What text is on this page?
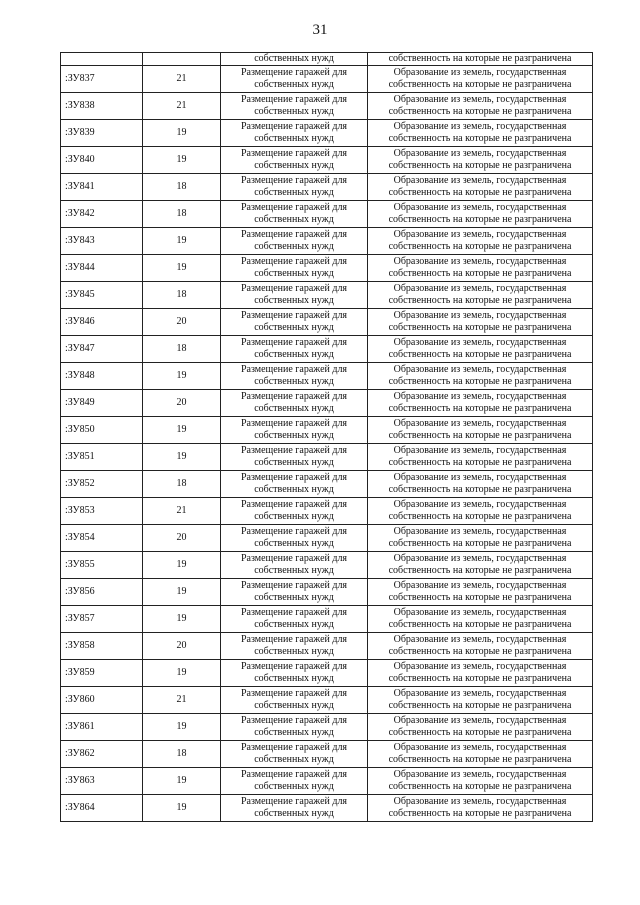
31
		собственных нужд	собственность на которые не разграничена
:ЗУ837	21	Размещение гаражей для
собственных нужд	Образование из земель, государственная
собственность на которые не разграничена

:ЗУ838	21	Размещение гаражей для
собственных нужд	Образование из земель, государственная
собственность на которые не разграничена

:ЗУ839	19	Размещение гаражей для
собственных нужд	Образование из земель, государственная
собственность на которые не разграничена

:ЗУ840	19	Размещение гаражей для
собственных нужд	Образование из земель, государственная
собственность на которые не разграничена

:ЗУ841	18	Размещение гаражей для
собственных нужд	Образование из земель, государственная
собственность на которые не разграничена

:ЗУ842	18	Размещение гаражей для
собственных нужд	Образование из земель, государственная
собственность на которые не разграничена

:ЗУ843	19	Размещение гаражей для
собственных нужд	Образование из земель, государственная
собственность на которые не разграничена

:ЗУ844	19	Размещение гаражей для
собственных нужд	Образование из земель, государственная
собственность на которые не разграничена

:ЗУ845	18	Размещение гаражей для
собственных нужд	Образование из земель, государственная
собственность на которые не разграничена

:ЗУ846	20	Размещение гаражей для
собственных нужд	Образование из земель, государственная
собственность на которые не разграничена

:ЗУ847	18	Размещение гаражей для
собственных нужд	Образование из земель, государственная
собственность на которые не разграничена

:ЗУ848	19	Размещение гаражей для
собственных нужд	Образование из земель, государственная
собственность на которые не разграничена

:ЗУ849	20	Размещение гаражей для
собственных нужд	Образование из земель, государственная
собственность на которые не разграничена

:ЗУ850	19	Размещение гаражей для
собственных нужд	Образование из земель, государственная
собственность на которые не разграничена

:ЗУ851	19	Размещение гаражей для
собственных нужд	Образование из земель, государственная
собственность на которые не разграничена

:ЗУ852	18	Размещение гаражей для
собственных нужд	Образование из земель, государственная
собственность на которые не разграничена

:ЗУ853	21	Размещение гаражей для
собственных нужд	Образование из земель, государственная
собственность на которые не разграничена

:ЗУ854	20	Размещение гаражей для
собственных нужд	Образование из земель, государственная
собственность на которые не разграничена

:ЗУ855	19	Размещение гаражей для
собственных нужд	Образование из земель, государственная
собственность на которые не разграничена

:ЗУ856	19	Размещение гаражей для
собственных нужд	Образование из земель, государственная
собственность на которые не разграничена

:ЗУ857	19	Размещение гаражей для
собственных нужд	Образование из земель, государственная
собственность на которые не разграничена

:ЗУ858	20	Размещение гаражей для
собственных нужд	Образование из земель, государственная
собственность на которые не разграничена

:ЗУ859	19	Размещение гаражей для
собственных нужд	Образование из земель, государственная
собственность на которые не разграничена

:ЗУ860	21	Размещение гаражей для
собственных нужд	Образование из земель, государственная
собственность на которые не разграничена

:ЗУ861	19	Размещение гаражей для
собственных нужд	Образование из земель, государственная
собственность на которые не разграничена

:ЗУ862	18	Размещение гаражей для
собственных нужд	Образование из земель, государственная
собственность на которые не разграничена

:ЗУ863	19	Размещение гаражей для
собственных нужд	Образование из земель, государственная
собственность на которые не разграничена

:ЗУ864	19	Размещение гаражей для
собственных нужд	Образование из земель, государственная
собственность на которые не разграничена
